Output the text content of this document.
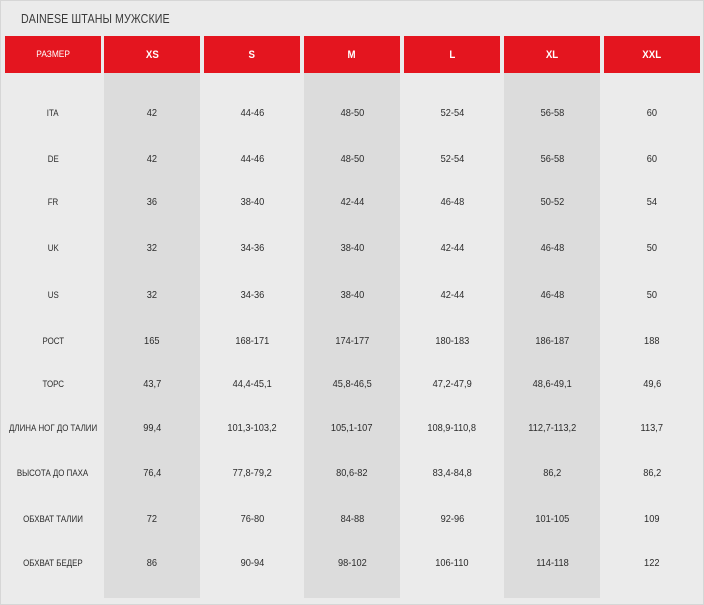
DAINESE ШТАНЫ МУЖСКИЕ
РАЗМЕР	XS	S	M	L	XL	XXL
ITA	42	44-46	48-50	52-54	56-58	60
DE	42	44-46	48-50	52-54	56-58	60
FR	36	38-40	42-44	46-48	50-52	54
UK	32	34-36	38-40	42-44	46-48	50
US	32	34-36	38-40	42-44	46-48	50
РОСТ	165	168-171	174-177	180-183	186-187	188
ТОРС	43,7	44,4-45,1	45,8-46,5	47,2-47,9	48,6-49,1	49,6
ДЛИНА НОГ ДО ТАЛИИ	99,4	101,3-103,2	105,1-107	108,9-110,8	112,7-113,2	113,7
ВЫСОТА ДО ПАХА	76,4	77,8-79,2	80,6-82	83,4-84,8	86,2	86,2
ОБХВАТ ТАЛИИ	72	76-80	84-88	92-96	101-105	109
ОБХВАТ БЕДЕР	86	90-94	98-102	106-110	114-118	122
